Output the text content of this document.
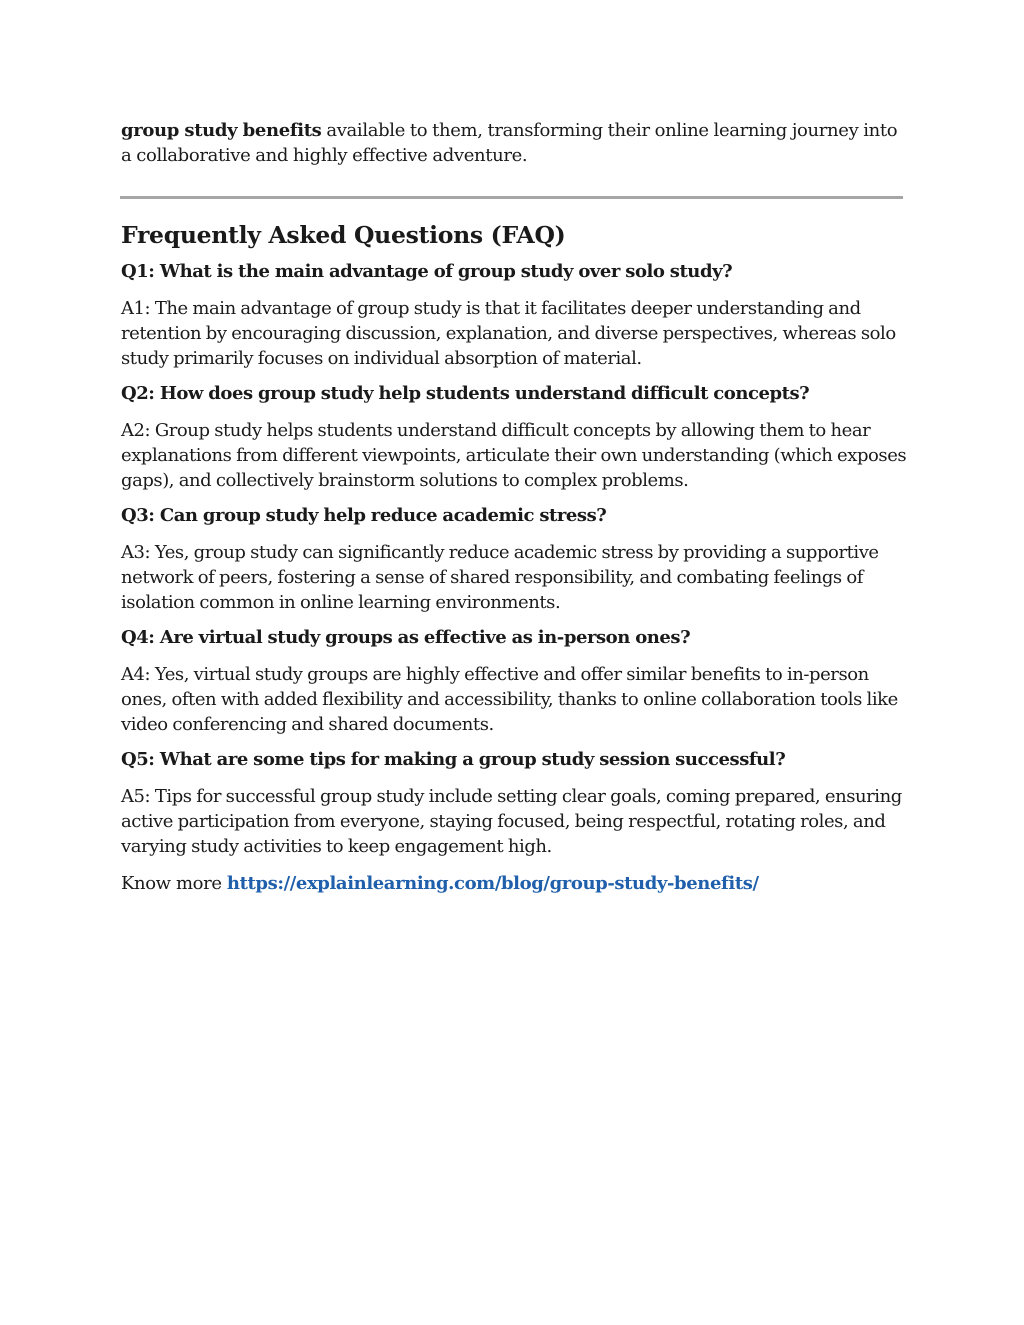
group study benefits available to them, transforming their online learning journey into a collaborative and highly effective adventure.

Frequently Asked Questions (FAQ)

Q1: What is the main advantage of group study over solo study?

A1: The main advantage of group study is that it facilitates deeper understanding and retention by encouraging discussion, explanation, and diverse perspectives, whereas solo study primarily focuses on individual absorption of material.

Q2: How does group study help students understand difficult concepts?

A2: Group study helps students understand difficult concepts by allowing them to hear explanations from different viewpoints, articulate their own understanding (which exposes gaps), and collectively brainstorm solutions to complex problems.

Q3: Can group study help reduce academic stress?

A3: Yes, group study can significantly reduce academic stress by providing a supportive network of peers, fostering a sense of shared responsibility, and combating feelings of isolation common in online learning environments.

Q4: Are virtual study groups as effective as in-person ones?

A4: Yes, virtual study groups are highly effective and offer similar benefits to in-person ones, often with added flexibility and accessibility, thanks to online collaboration tools like video conferencing and shared documents.

Q5: What are some tips for making a group study session successful?

A5: Tips for successful group study include setting clear goals, coming prepared, ensuring active participation from everyone, staying focused, being respectful, rotating roles, and varying study activities to keep engagement high.

Know more https://explainlearning.com/blog/group-study-benefits/
